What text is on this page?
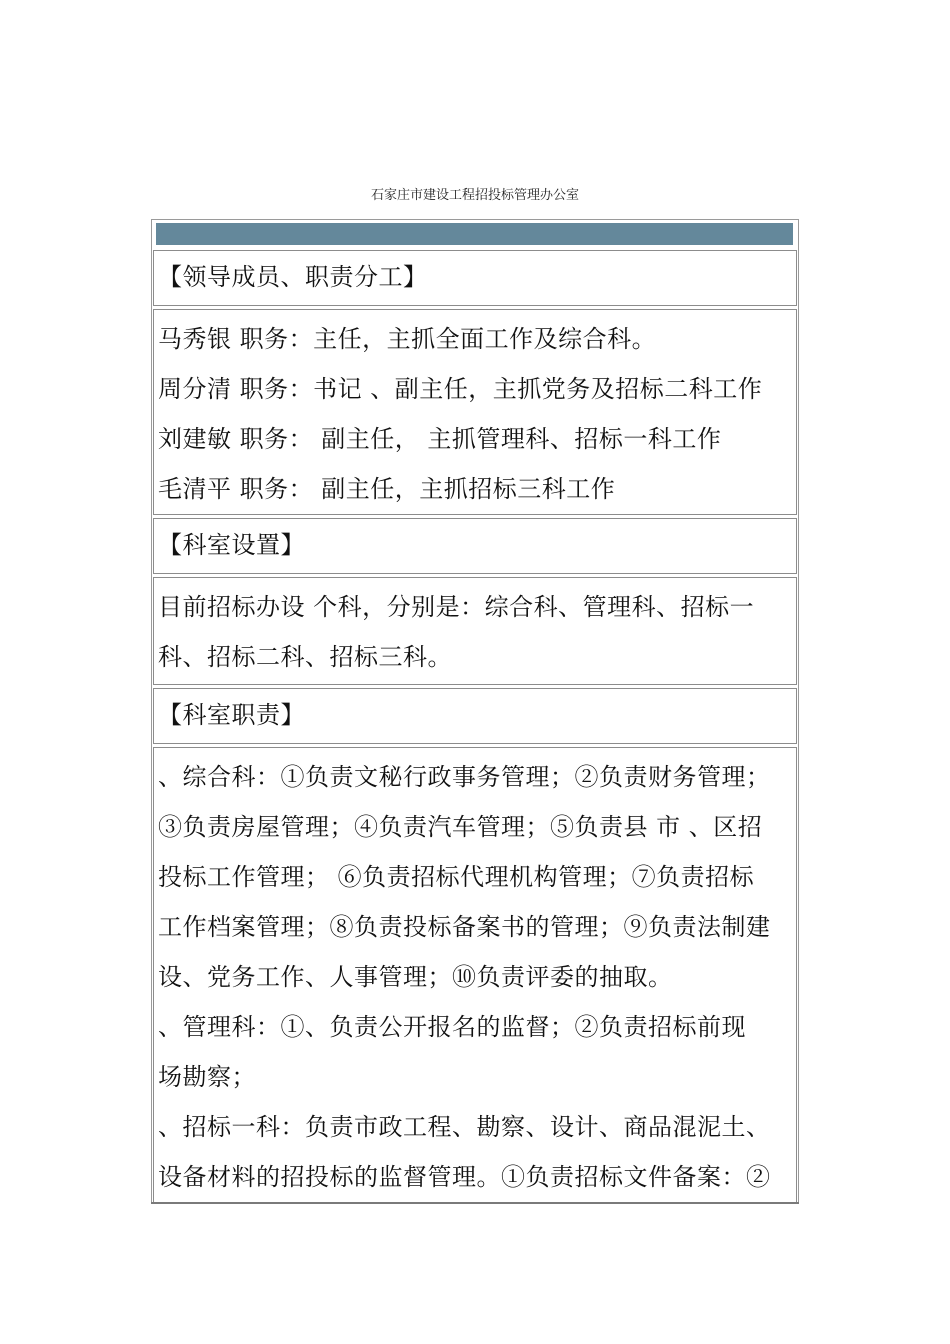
石家庄市建设工程招投标管理办公室
【领导成员、职责分工】
马秀银 职务：主任，主抓全面工作及综合科。
周分清 职务：书记 、副主任，主抓党务及招标二科工作
刘建敏 职务： 副主任， 主抓管理科、招标一科工作
毛清平 职务： 副主任，主抓招标三科工作
【科室设置】
目前招标办设 个科，分别是：综合科、管理科、招标一
科、招标二科、招标三科。
【科室职责】
、综合科：①负责文秘行政事务管理；②负责财务管理；
③负责房屋管理；④负责汽车管理；⑤负责县 市 、区招
投标工作管理； ⑥负责招标代理机构管理；⑦负责招标
工作档案管理；⑧负责投标备案书的管理；⑨负责法制建
设、党务工作、人事管理；⑩负责评委的抽取。
、管理科：①、负责公开报名的监督；②负责招标前现
场勘察；
、招标一科：负责市政工程、勘察、设计、商品混泥土、
设备材料的招投标的监督管理。①负责招标文件备案：②
